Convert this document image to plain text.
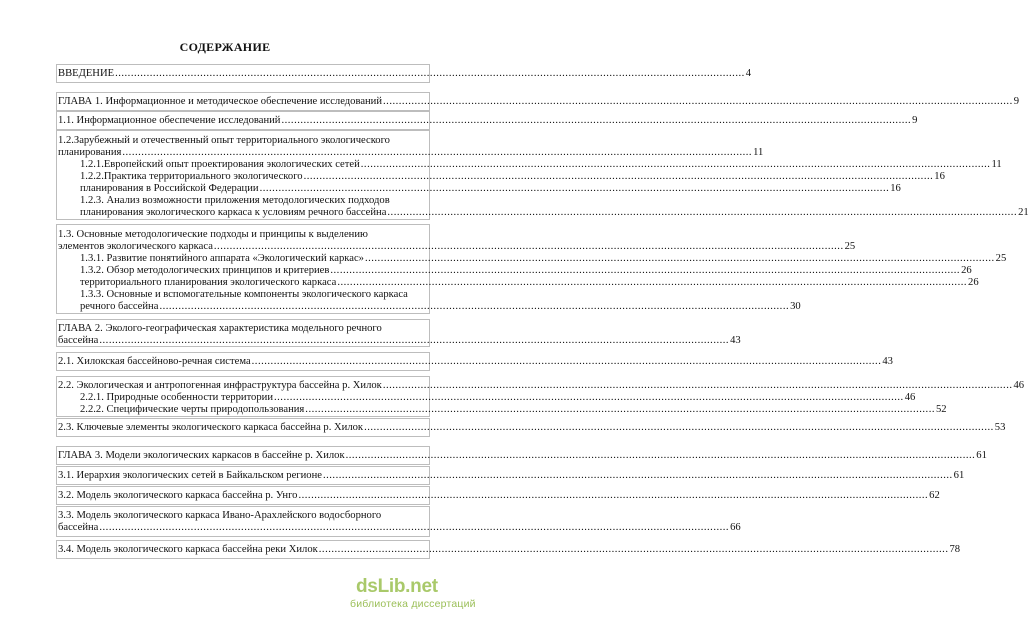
СОДЕРЖАНИЕ
ВВЕДЕНИЕ ........................................................................................................................................................................................................ 4
ГЛАВА 1. Информационное и методическое обеспечение исследований ........................................................................................................................................................................................................ 9
1.1. Информационное обеспечение исследований ........................................................................................................................................................................................................ 9
1.2.Зарубежный и отечественный опыт территориального экологического
планирования ........................................................................................................................................................................................................ 11
1.2.1.Европейский опыт проектирования экологических сетей ........................................................................................................................................................................................................ 11
1.2.2.Практика территориального экологического ........................................................................................................................................................................................................ 16
планирования в Российской Федерации ........................................................................................................................................................................................................ 16
1.2.3. Анализ возможности приложения методологических подходов
планирования экологического каркаса к условиям речного бассейна ........................................................................................................................................................................................................ 21
1.3. Основные методологические подходы и принципы к выделению
элементов экологического каркаса ........................................................................................................................................................................................................ 25
1.3.1. Развитие понятийного аппарата «Экологический каркас» ........................................................................................................................................................................................................ 25
1.3.2. Обзор методологических принципов и критериев ........................................................................................................................................................................................................ 26
территориального планирования экологического каркаса ........................................................................................................................................................................................................ 26
1.3.3. Основные и вспомогательные компоненты экологического каркаса
речного бассейна ........................................................................................................................................................................................................ 30
ГЛАВА 2. Эколого-географическая характеристика модельного речного
бассейна ........................................................................................................................................................................................................ 43
2.1. Хилокская бассейново-речная система ........................................................................................................................................................................................................ 43
2.2. Экологическая и антропогенная инфраструктура бассейна р. Хилок ........................................................................................................................................................................................................ 46
2.2.1. Природные особенности территории ........................................................................................................................................................................................................ 46
2.2.2. Специфические черты природопользования ........................................................................................................................................................................................................ 52
2.3. Ключевые элементы экологического каркаса бассейна р. Хилок ........................................................................................................................................................................................................ 53
ГЛАВА 3. Модели экологических каркасов в бассейне р. Хилок ........................................................................................................................................................................................................ 61
3.1. Иерархия экологических сетей в Байкальском регионе ........................................................................................................................................................................................................ 61
3.2. Модель экологического каркаса бассейна р. Унго ........................................................................................................................................................................................................ 62
3.3. Модель экологического каркаса Ивано-Арахлейского водосборного
бассейна ........................................................................................................................................................................................................ 66
3.4. Модель экологического каркаса бассейна реки Хилок ........................................................................................................................................................................................................ 78
dsLib.net
библиотека диссертаций
